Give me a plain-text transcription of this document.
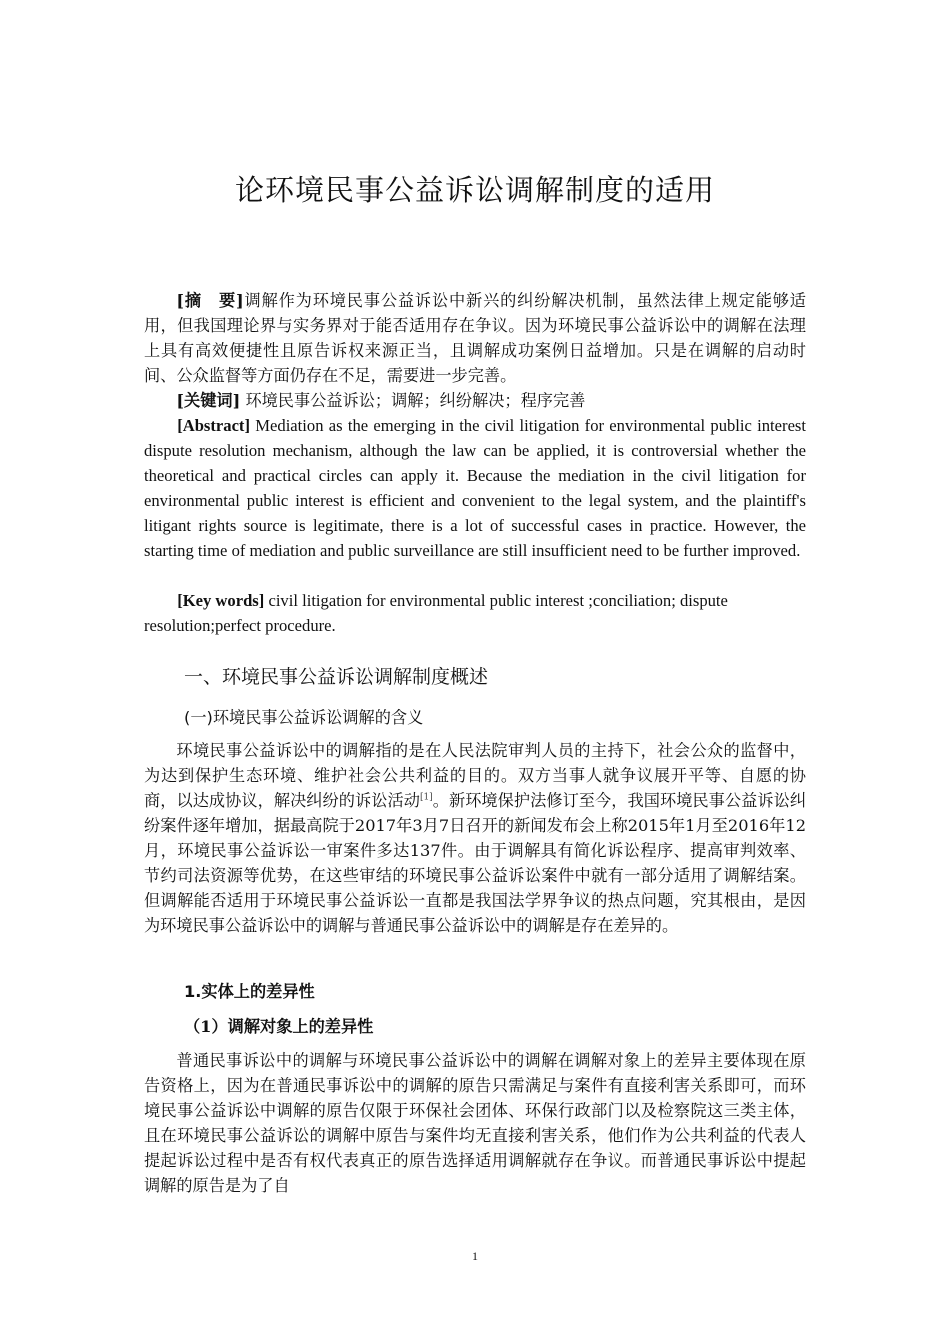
论环境民事公益诉讼调解制度的适用

[摘　要]调解作为环境民事公益诉讼中新兴的纠纷解决机制，虽然法律上规定能够适用，但我国理论界与实务界对于能否适用存在争议。因为环境民事公益诉讼中的调解在法理上具有高效便捷性且原告诉权来源正当，且调解成功案例日益增加。只是在调解的启动时间、公众监督等方面仍存在不足，需要进一步完善。

[关键词] 环境民事公益诉讼；调解；纠纷解决；程序完善

[Abstract] Mediation as the emerging in the civil litigation for environmental public interest dispute resolution mechanism, although the law can be applied, it is controversial whether the theoretical and practical circles can apply it. Because the mediation in the civil litigation for environmental public interest is efficient and convenient to the legal system, and the plaintiff's litigant rights source is legitimate, there is a lot of successful cases in practice. However, the starting time of mediation and public surveillance are still insufficient need to be further improved.

[Key words] civil litigation for environmental public interest ;conciliation; dispute resolution;perfect procedure.

一、环境民事公益诉讼调解制度概述
(一)环境民事公益诉讼调解的含义

环境民事公益诉讼中的调解指的是在人民法院审判人员的主持下，社会公众的监督中，为达到保护生态环境、维护社会公共利益的目的。双方当事人就争议展开平等、自愿的协商，以达成协议，解决纠纷的诉讼活动[1]。新环境保护法修订至今，我国环境民事公益诉讼纠纷案件逐年增加，据最高院于2017年3月7日召开的新闻发布会上称2015年1月至2016年12月，环境民事公益诉讼一审案件多达137件。由于调解具有简化诉讼程序、提高审判效率、节约司法资源等优势，在这些审结的环境民事公益诉讼案件中就有一部分适用了调解结案。但调解能否适用于环境民事公益诉讼一直都是我国法学界争议的热点问题，究其根由，是因为环境民事公益诉讼中的调解与普通民事公益诉讼中的调解是存在差异的。

1.实体上的差异性
（1）调解对象上的差异性

普通民事诉讼中的调解与环境民事公益诉讼中的调解在调解对象上的差异主要体现在原告资格上，因为在普通民事诉讼中的调解的原告只需满足与案件有直接利害关系即可，而环境民事公益诉讼中调解的原告仅限于环保社会团体、环保行政部门以及检察院这三类主体，且在环境民事公益诉讼的调解中原告与案件均无直接利害关系，他们作为公共利益的代表人提起诉讼过程中是否有权代表真正的原告选择适用调解就存在争议。而普通民事诉讼中提起调解的原告是为了自

1
